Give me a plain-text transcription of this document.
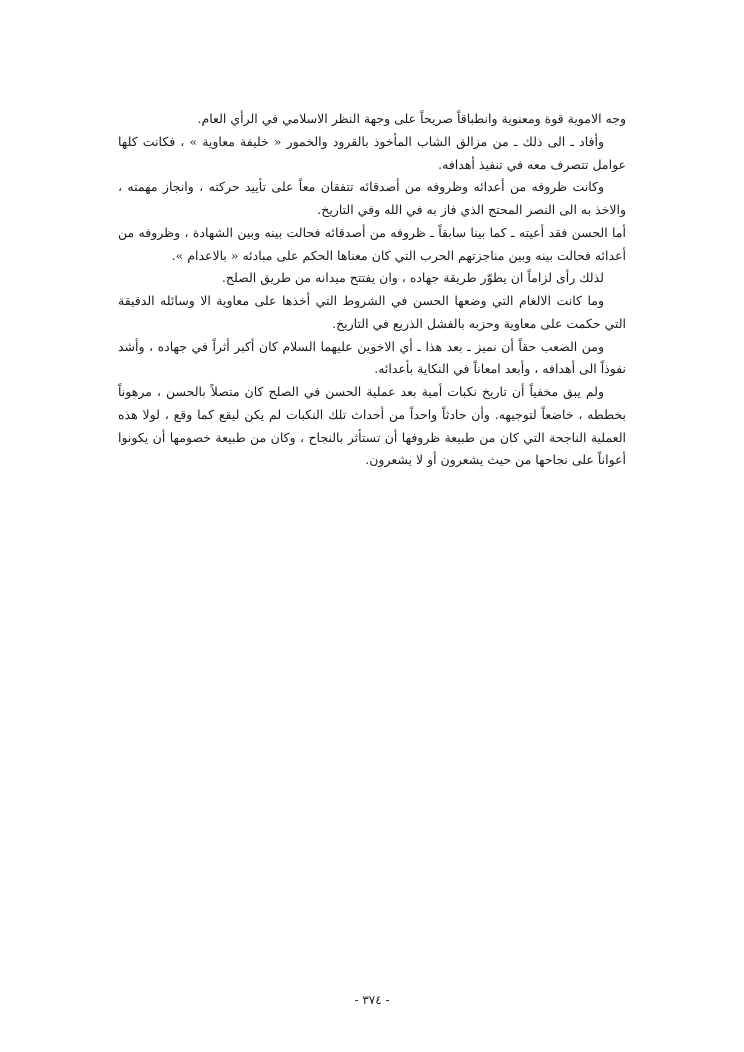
وجه الاموية قوة ومعنوية وانطباقاً صريحاً على وجهة النظر الاسلامي في الرأي العام.

وأفاد ـ الى ذلك ـ من مزالق الشاب المأخوذ بالقرود والخمور « خليفة معاوية » ، فكانت كلها عوامل تتصرف معه في تنفيذ أهدافه.

وكانت ظروفه من أعدائه وظروفه من أصدقائه تتفقان معاً على تأييد حركته ، وانجاز مهمته ، والاخذ به الى النصر المحتج الذي فاز به في الله وفي التاريخ.

أما الحسن فقد أعيته ـ كما بينا سابقاً ـ ظروفه من أصدقائه فحالت بينه وبين الشهادة ، وظروفه من أعدائه فحالت بينه وبين مناجزتهم الحرب التي كان معناها الحكم على مبادئه « بالاعدام ».

لذلك رأى لزاماً ان يطوّر طريقة جهاده ، وان يفتتح ميدانه من طريق الصلح.

وما كانت الالغام التي وضعها الحسن في الشروط التي أخذها على معاوية الا وسائله الدقيقة التي حكمت على معاوية وحزبه بالفشل الذريع في التاريخ.

ومن الصعب حقاً أن نميز ـ بعد هذا ـ أي الاخوين عليهما السلام كان أكبر أثراً في جهاده ، وأشد نفوذاً الى أهدافه ، وأبعد امعاناً في النكاية بأعدائه.

ولم يبق مخفياً أن تاريخ نكبات أمية بعد عملية الحسن في الصلح كان متصلاً بالحسن ، مرهوناً بخططه ، خاضعاً لتوجيهه. وأن حادثاً واحداً من أحداث تلك النكبات لم يكن ليقع كما وقع ، لولا هذه العملية الناجحة التي كان من طبيعة ظروفها أن تستأثر بالنجاح ، وكان من طبيعة خصومها أن يكونوا أعواناً على نجاحها من حيث يشعرون أو لا يشعرون.

- ٣٧٤ -
